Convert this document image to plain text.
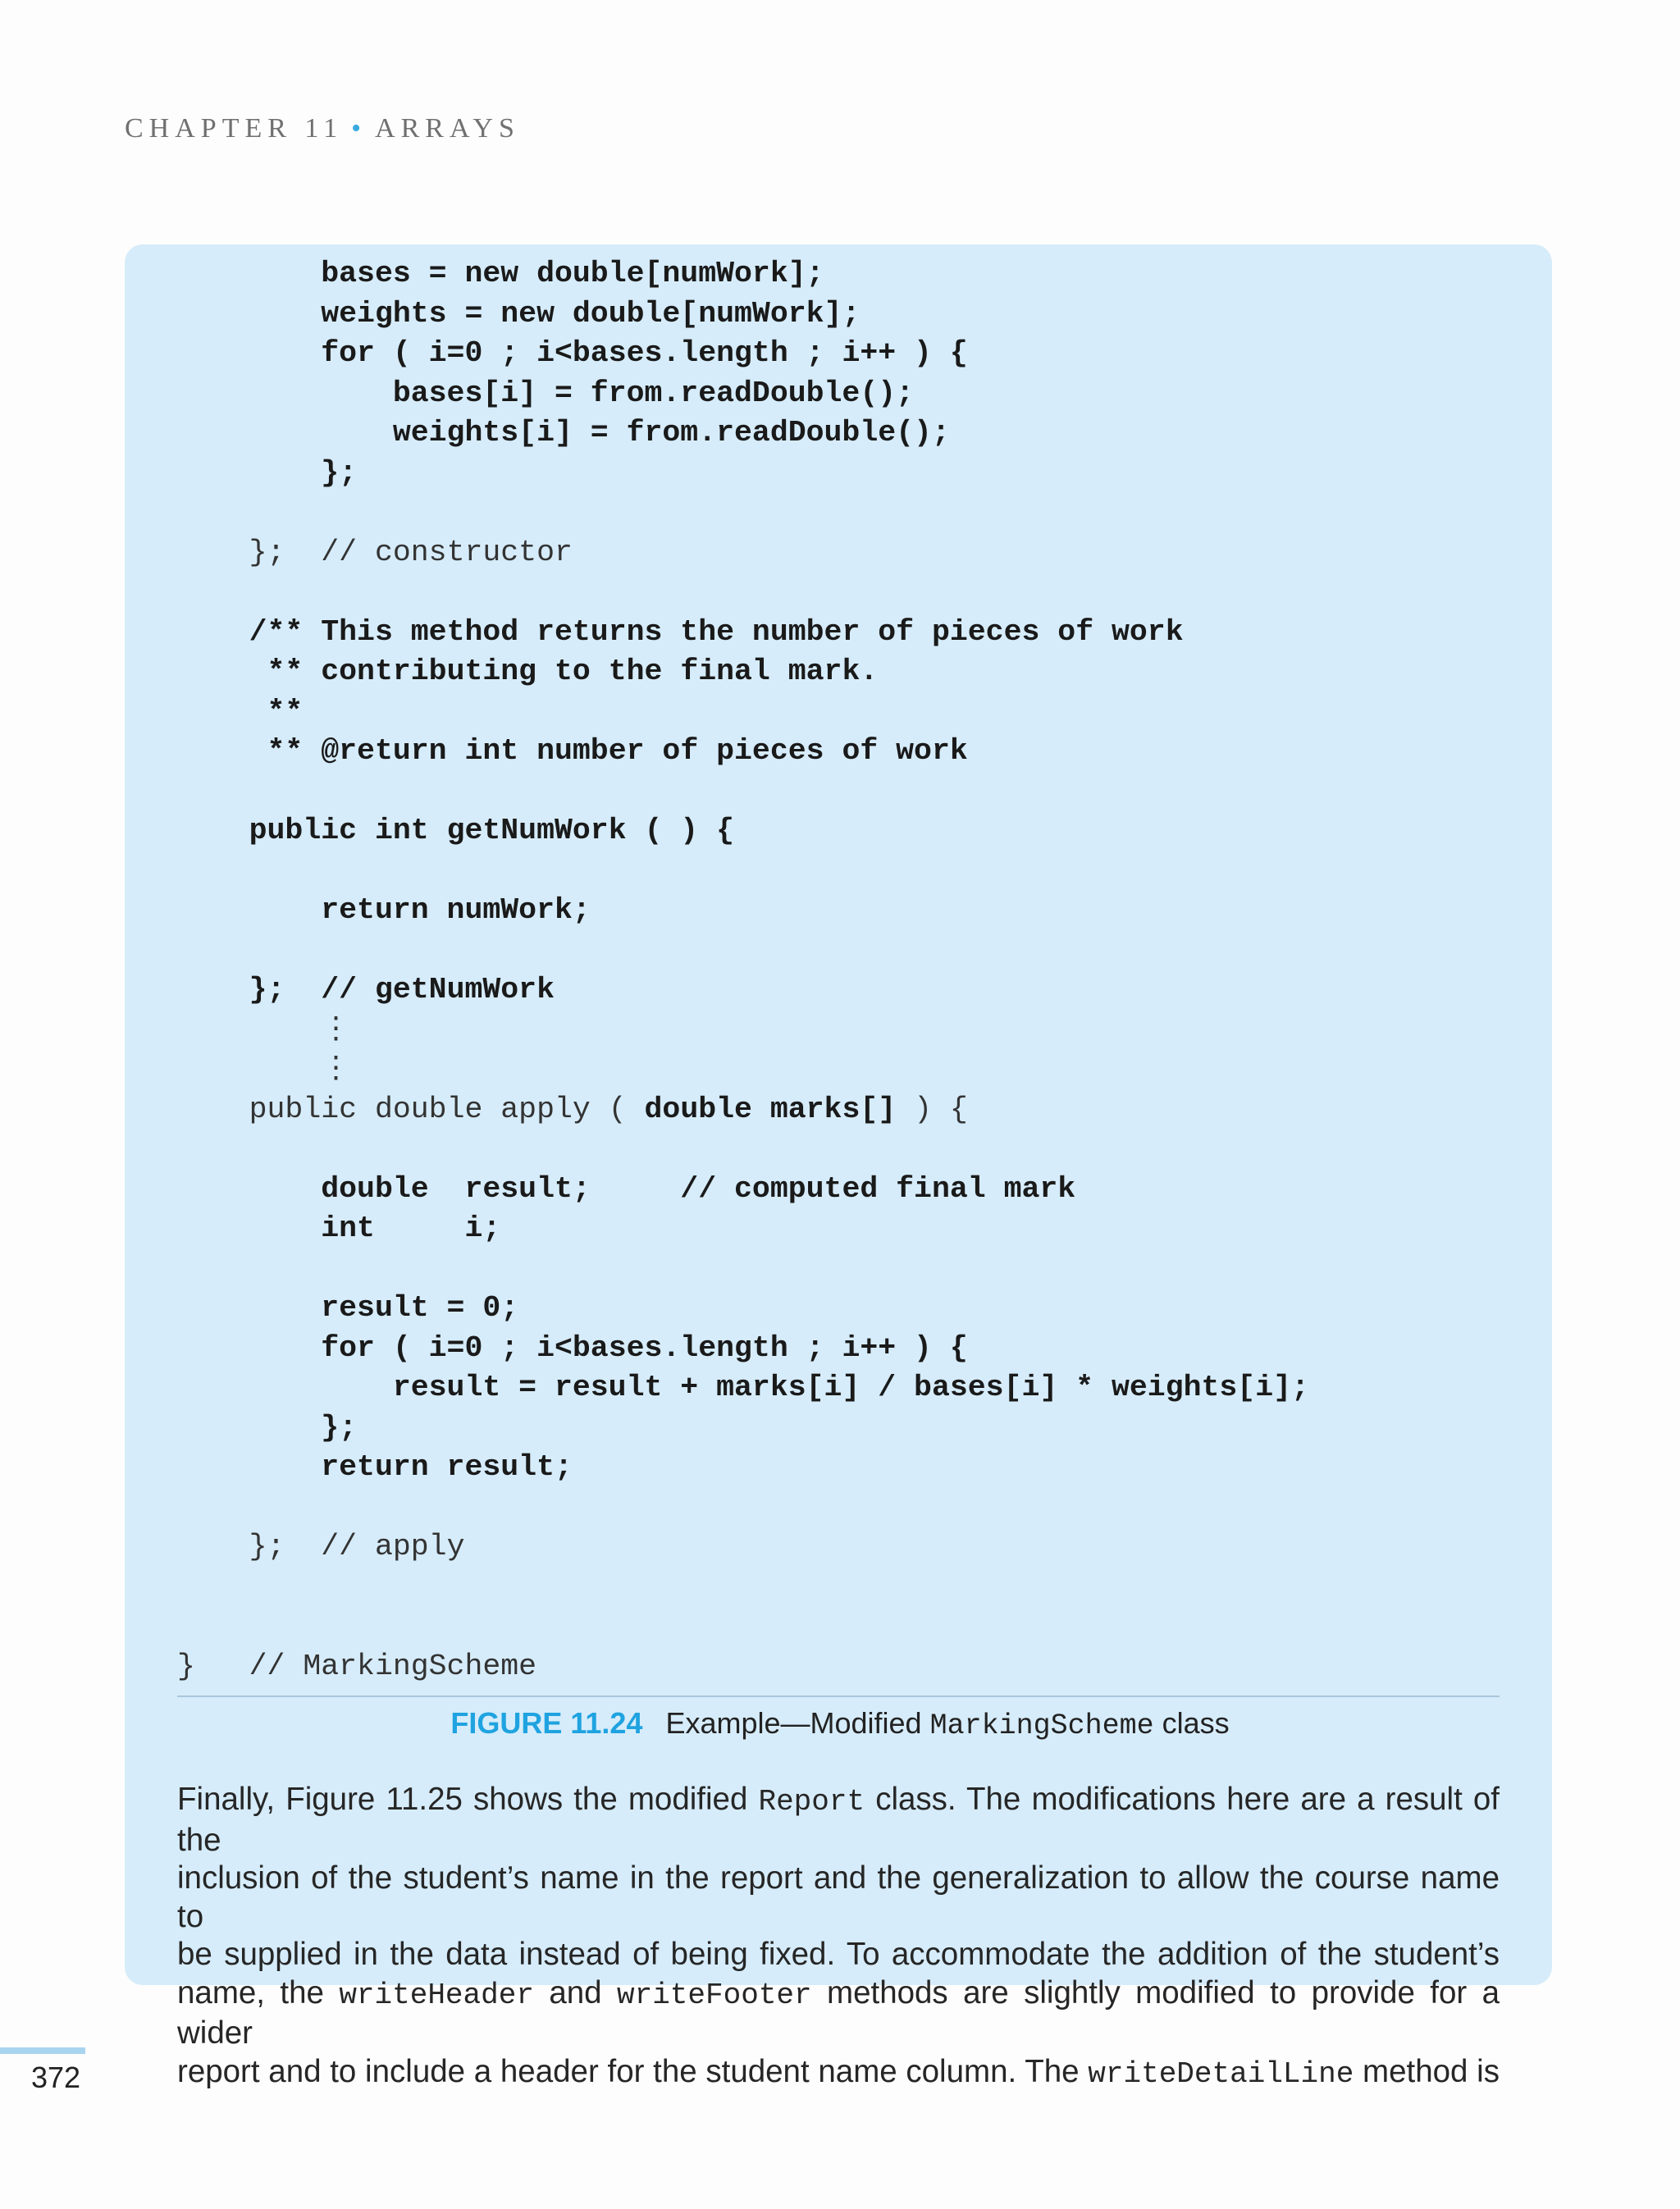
CHAPTER 11 • ARRAYS
bases = new double[numWork];
weights = new double[numWork];
for ( i=0 ; i<bases.length ; i++ ) {
bases[i] = from.readDouble();
weights[i] = from.readDouble();
};
};  // constructor
/** This method returns the number of pieces of work
** contributing to the final mark.
**
** @return int number of pieces of work
public int getNumWork ( ) {
return numWork;
};  // getNumWork
⋮
⋮
public double apply ( double marks[] ) {
double  result;     // computed final mark
int     i;
result = 0;
for ( i=0 ; i<bases.length ; i++ ) {
result = result + marks[i] / bases[i] * weights[i];
};
return result;
};  // apply
}   // MarkingScheme
FIGURE 11.24 Example—Modified MarkingScheme class
Finally, Figure 11.25 shows the modified Report class. The modifications here are a result of the
inclusion of the student’s name in the report and the generalization to allow the course name to
be supplied in the data instead of being fixed. To accommodate the addition of the student’s
name, the writeHeader and writeFooter methods are slightly modified to provide for a wider
report and to include a header for the student name column. The writeDetailLine method is
372
